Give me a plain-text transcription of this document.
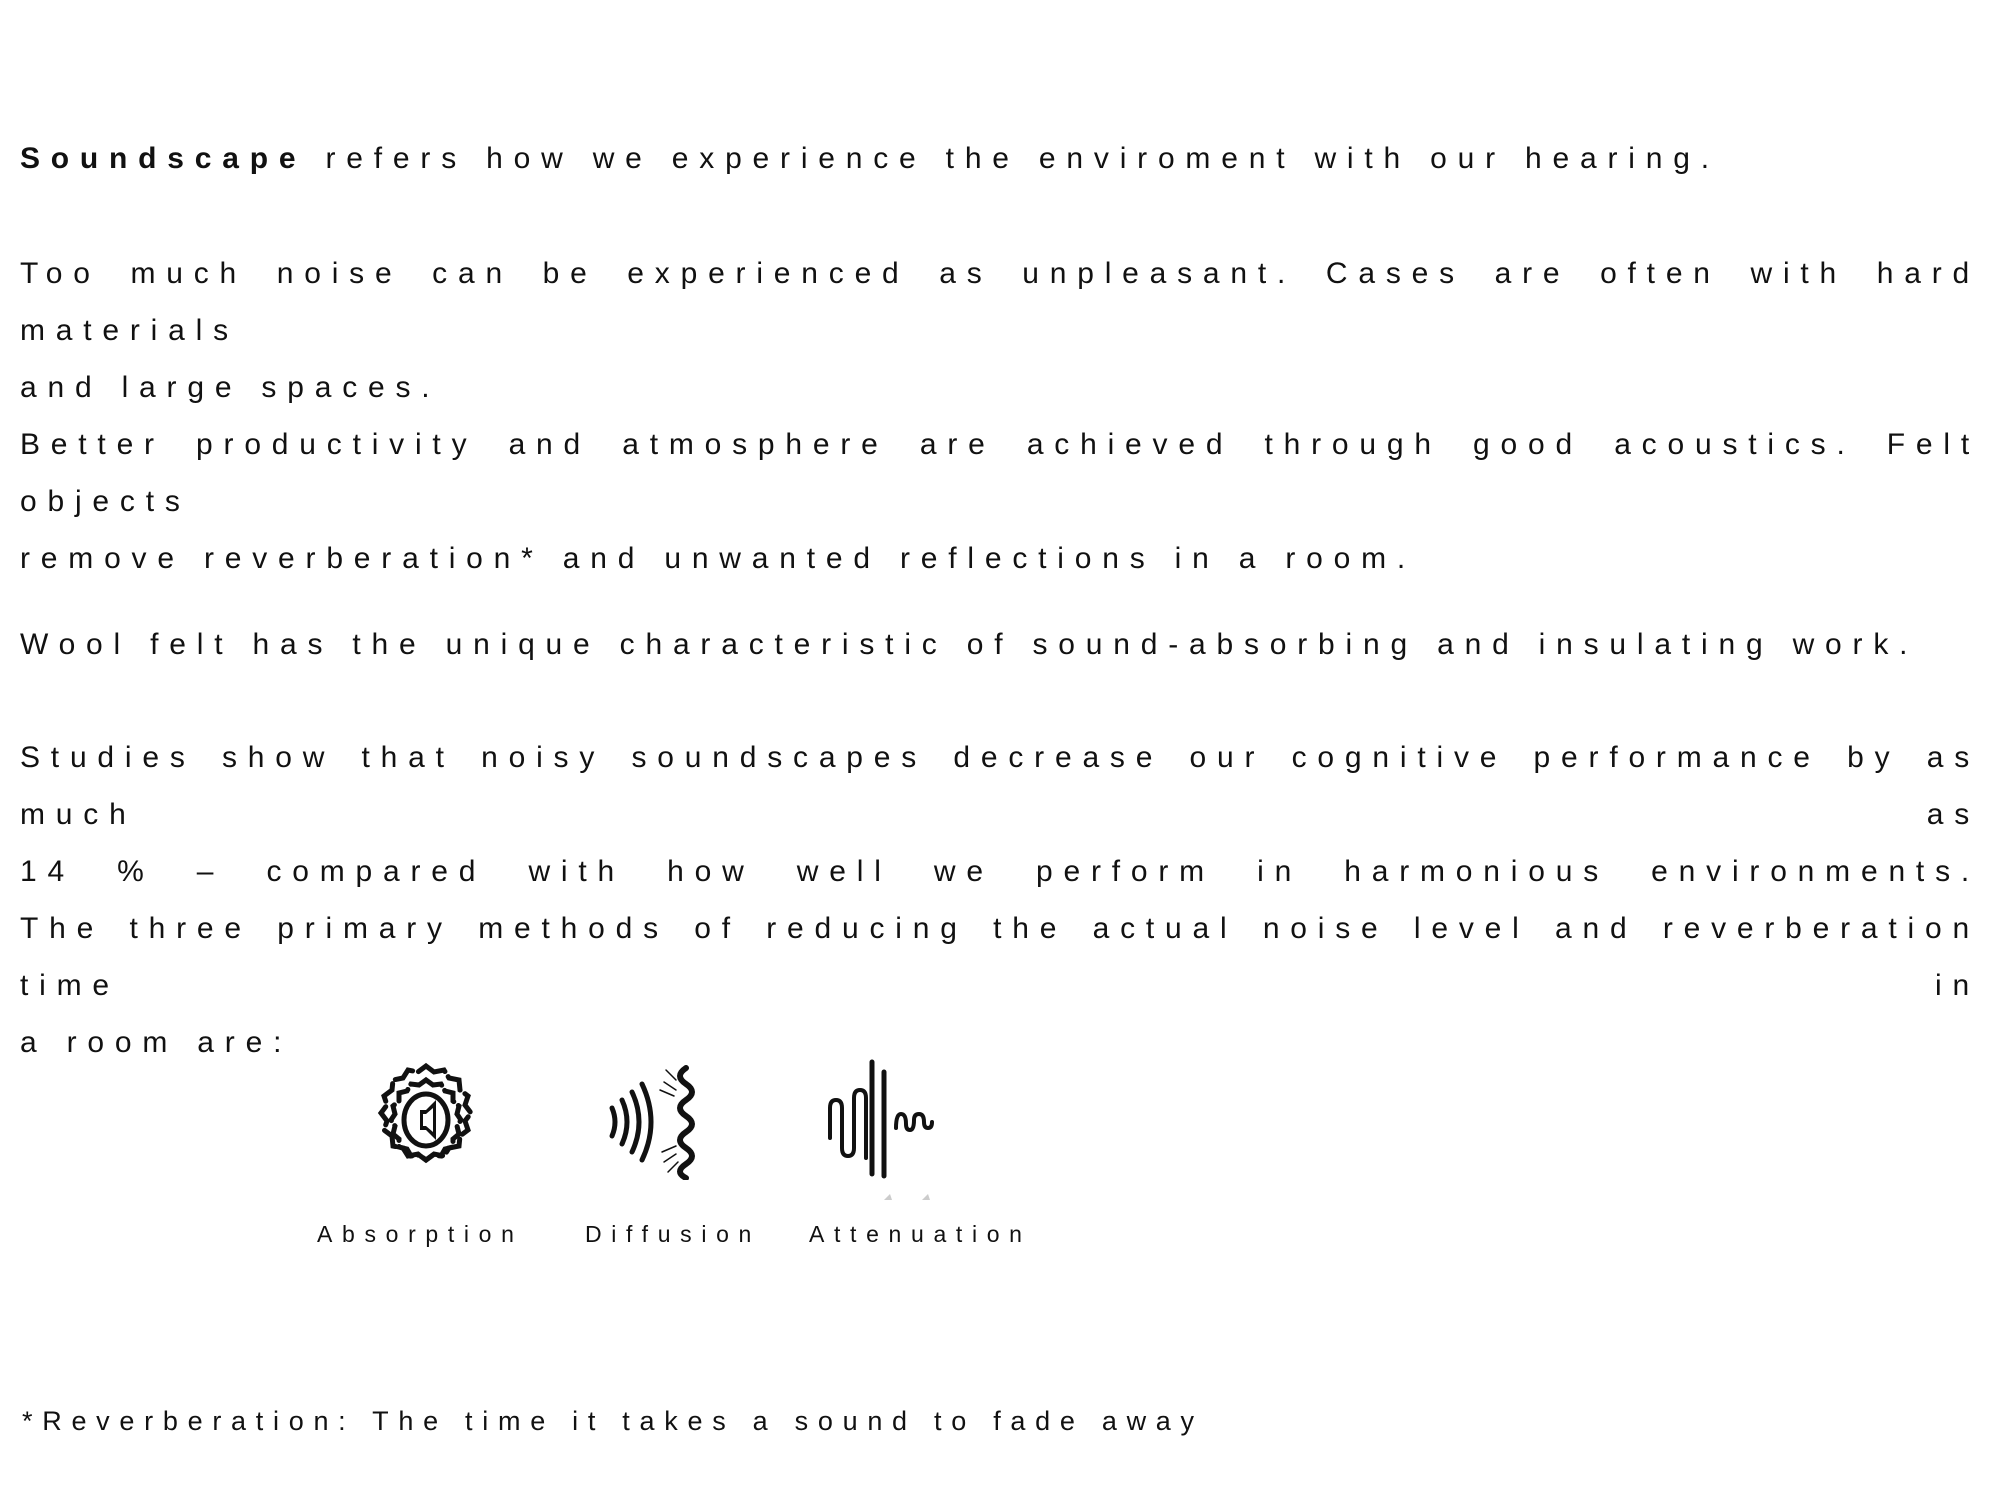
Soundscape refers how we experience the enviroment with our hearing.

Too much noise can be experienced as unpleasant. Cases are often with hard materials
and large spaces.
Better productivity and atmosphere are achieved through good acoustics. Felt objects
remove reverberation* and unwanted reflections in a room.

Wool felt has the unique characteristic of sound-absorbing and insulating work.

Studies show that noisy soundscapes decrease our cognitive performance by as much as
14 % – compared with how well we perform in harmonious environments.
The three primary methods of reducing the actual noise level and reverberation time in
a room are:
Absorption	Diffusion Attenuation

*Reverberation: The time it takes a sound to fade away
